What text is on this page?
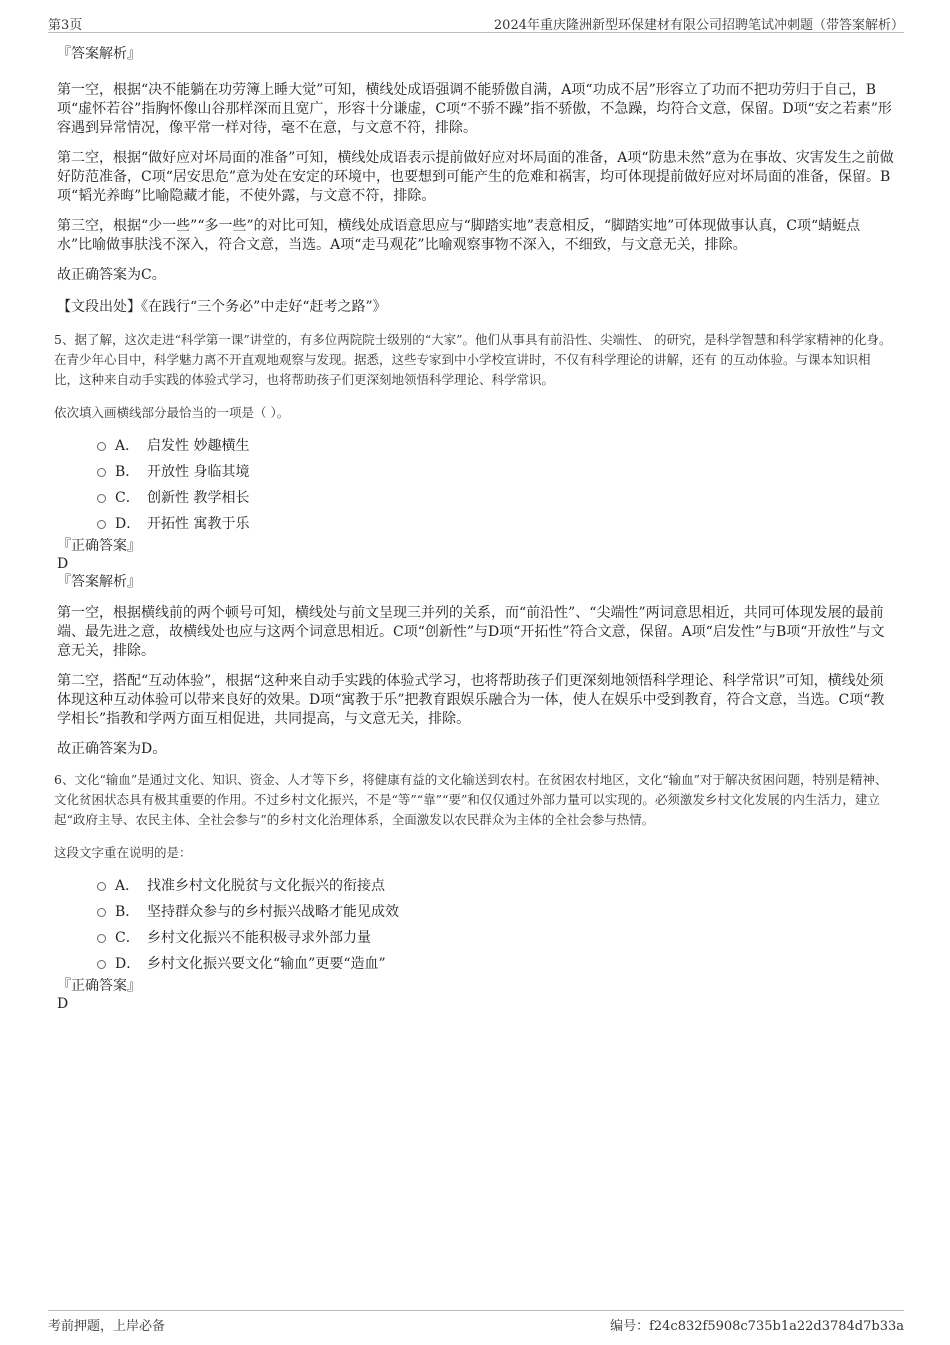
第3页	2024年重庆隆洲新型环保建材有限公司招聘笔试冲刺题（带答案解析）

『答案解析』

第一空，根据“决不能躺在功劳簿上睡大觉”可知，横线处成语强调不能骄傲自满，A项“功成不居”形容立了功而不把功劳归于自己，B项“虚怀若谷”指胸怀像山谷那样深而且宽广，形容十分谦虚，C项“不骄不躁”指不骄傲，不急躁，均符合文意，保留。D项“安之若素”形容遇到异常情况，像平常一样对待，毫不在意，与文意不符，排除。

第二空，根据“做好应对坏局面的准备”可知，横线处成语表示提前做好应对坏局面的准备，A项“防患未然”意为在事故、灾害发生之前做好防范准备，C项“居安思危”意为处在安定的环境中，也要想到可能产生的危难和祸害，均可体现提前做好应对坏局面的准备，保留。B项“韬光养晦”比喻隐藏才能，不使外露，与文意不符，排除。

第三空，根据“少一些”“多一些”的对比可知，横线处成语意思应与“脚踏实地”表意相反，“脚踏实地”可体现做事认真，C项“蜻蜓点水”比喻做事肤浅不深入，符合文意，当选。A项“走马观花”比喻观察事物不深入，不细致，与文意无关，排除。

故正确答案为C。

【文段出处】《在践行“三个务必”中走好“赶考之路”》

5、据了解，这次走进“科学第一课”讲堂的，有多位两院院士级别的“大家”。他们从事具有前沿性、尖端性、 的研究，是科学智慧和科学家精神的化身。在青少年心目中，科学魅力离不开直观地观察与发现。据悉，这些专家到中小学校宣讲时，不仅有科学理论的讲解，还有 的互动体验。与课本知识相比，这种来自动手实践的体验式学习，也将帮助孩子们更深刻地领悟科学理论、科学常识。

依次填入画横线部分最恰当的一项是（ ）。

A． 启发性 妙趣横生
B． 开放性 身临其境
C． 创新性 教学相长
D． 开拓性 寓教于乐

『正确答案』

D

『答案解析』

第一空，根据横线前的两个顿号可知，横线处与前文呈现三并列的关系，而“前沿性”、“尖端性”两词意思相近，共同可体现发展的最前端、最先进之意，故横线处也应与这两个词意思相近。C项“创新性”与D项“开拓性”符合文意，保留。A项“启发性”与B项“开放性”与文意无关，排除。

第二空，搭配“互动体验”，根据“这种来自动手实践的体验式学习，也将帮助孩子们更深刻地领悟科学理论、科学常识”可知，横线处须体现这种互动体验可以带来良好的效果。D项“寓教于乐”把教育跟娱乐融合为一体，使人在娱乐中受到教育，符合文意，当选。C项“教学相长”指教和学两方面互相促进，共同提高，与文意无关，排除。

故正确答案为D。

6、文化“输血”是通过文化、知识、资金、人才等下乡，将健康有益的文化输送到农村。在贫困农村地区，文化“输血”对于解决贫困问题，特别是精神、文化贫困状态具有极其重要的作用。不过乡村文化振兴，不是“等”“靠”“要”和仅仅通过外部力量可以实现的。必须激发乡村文化发展的内生活力，建立起“政府主导、农民主体、全社会参与”的乡村文化治理体系，全面激发以农民群众为主体的全社会参与热情。

这段文字重在说明的是：

A． 找准乡村文化脱贫与文化振兴的衔接点
B． 坚持群众参与的乡村振兴战略才能见成效
C． 乡村文化振兴不能积极寻求外部力量
D． 乡村文化振兴要文化“输血”更要“造血”

『正确答案』

D

考前押题，上岸必备	编号：f24c832f5908c735b1a22d3784d7b33a
